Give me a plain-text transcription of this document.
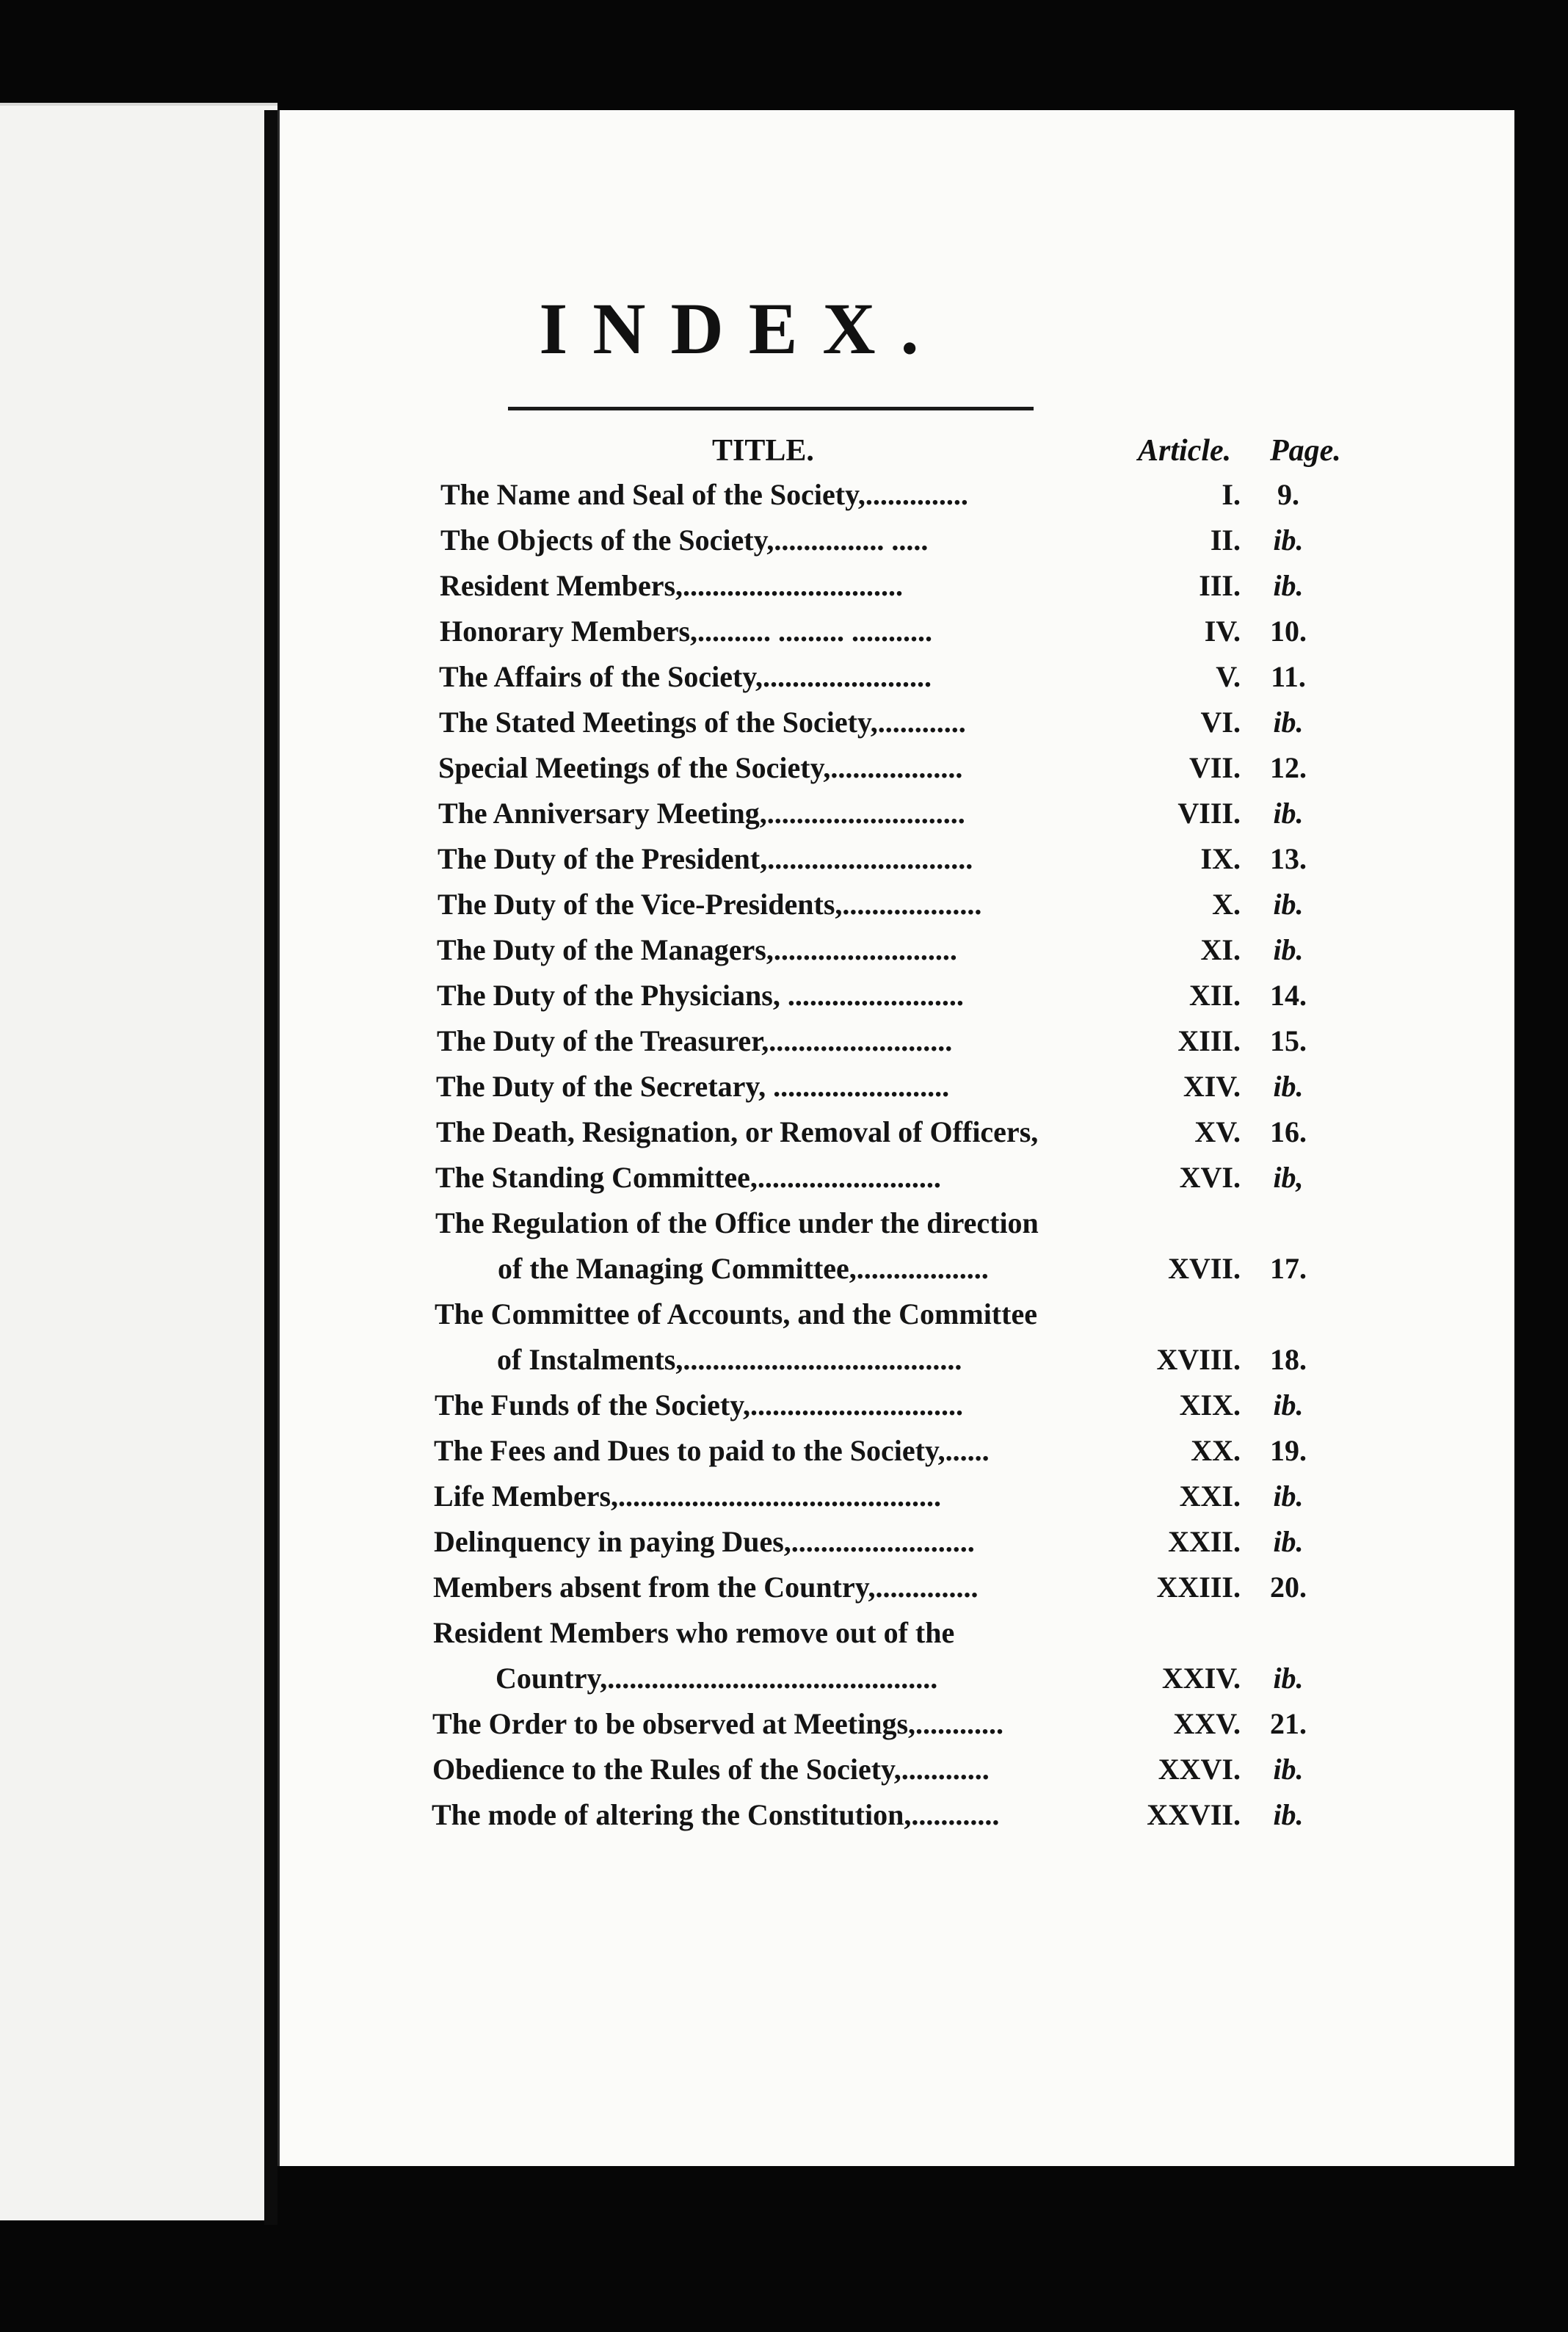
INDEX.
TITLE.	Article. Page.
The Name and Seal of the Society,..............	I.	9.
The Objects of the Society,............... .....	II.	ib.
Resident Members,..............................	III.	ib.
Honorary Members,.......... ......... ...........	IV.	10.
The Affairs of the Society,.......................	V.	11.
The Stated Meetings of the Society,............	VI.	ib.
Special Meetings of the Society,..................	VII.	12.
The Anniversary Meeting,...........................	VIII.	ib.
The Duty of the President,............................	IX.	13.
The Duty of the Vice-Presidents,...................	X.	ib.
The Duty of the Managers,.........................	XI.	ib.
The Duty of the Physicians, ........................	XII.	14.
The Duty of the Treasurer,.........................	XIII.	15.
The Duty of the Secretary, ........................	XIV.	ib.
The Death, Resignation, or Removal of Officers,	XV.	16.
The Standing Committee,.........................	XVI.	ib,
The Regulation of the Office under the direction
of the Managing Committee,..................	XVII.	17.
The Committee of Accounts, and the Committee
of Instalments,......................................	XVIII.	18.
The Funds of the Society,.............................	XIX.	ib.
The Fees and Dues to paid to the Society,......	XX.	19.
Life Members,............................................	XXI.	ib.
Delinquency in paying Dues,.........................	XXII.	ib.
Members absent from the Country,..............	XXIII.	20.
Resident Members who remove out of the
Country,.............................................	XXIV.	ib.
The Order to be observed at Meetings,............	XXV.	21.
Obedience to the Rules of the Society,............	XXVI.	ib.
The mode of altering the Constitution,............	XXVII.	ib.
